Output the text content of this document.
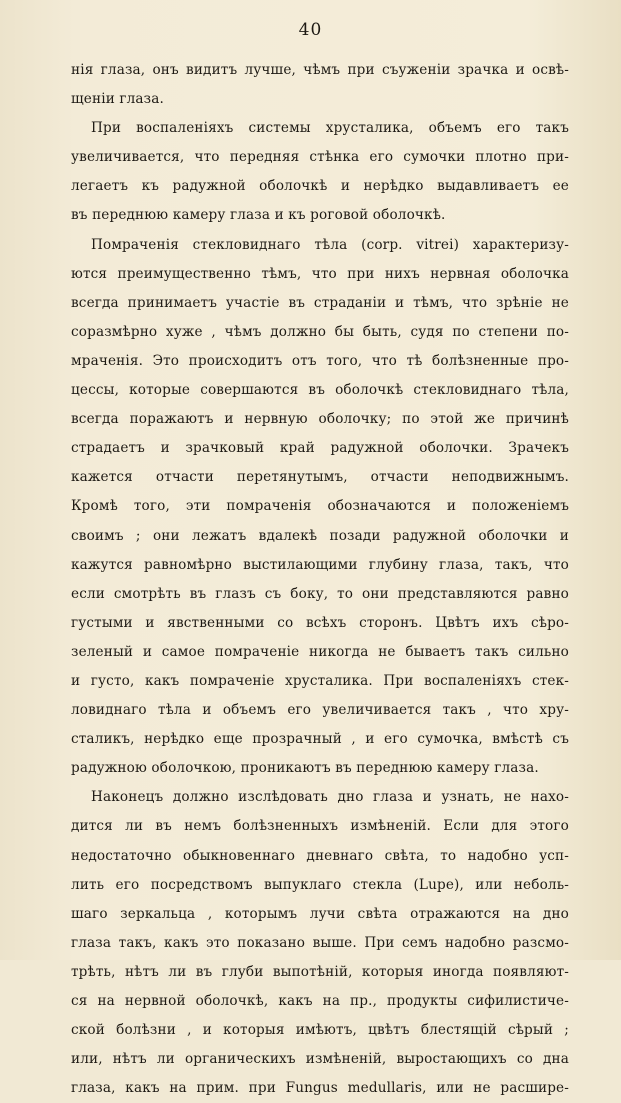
40
нія глаза, онъ видитъ лучше, чѣмъ при съуженіи зрачка и освѣ-
щеніи глаза.
При воспаленіяхъ системы хрусталика, объемъ его такъ
увеличивается, что передняя стѣнка его сумочки плотно при-
легаетъ къ радужной оболочкѣ и нерѣдко выдавливаетъ ее
въ переднюю камеру глаза и къ роговой оболочкѣ.
Помраченія стекловиднаго тѣла (corp. vitrei) характеризу-
ются преимущественно тѣмъ, что при нихъ нервная оболочка
всегда принимаетъ участіе въ страданіи и тѣмъ, что зрѣніе не
соразмѣрно хуже , чѣмъ должно бы быть, судя по степени по-
мраченія. Это происходитъ отъ того, что тѣ болѣзненные про-
цессы, которые совершаются въ оболочкѣ стекловиднаго тѣла,
всегда поражаютъ и нервную оболочку; по этой же причинѣ
страдаетъ и зрачковый край радужной оболочки. Зрачекъ
кажется отчасти перетянутымъ, отчасти неподвижнымъ.
Кромѣ того, эти помраченія обозначаются и положеніемъ
своимъ ; они лежатъ вдалекѣ позади радужной оболочки и
кажутся равномѣрно выстилающими глубину глаза, такъ, что
если смотрѣть въ глазъ съ боку, то они представляются равно
густыми и явственными со всѣхъ сторонъ. Цвѣтъ ихъ сѣро-
зеленый и самое помраченіе никогда не бываетъ такъ сильно
и густо, какъ помраченіе хрусталика. При воспаленіяхъ стек-
ловиднаго тѣла и объемъ его увеличивается такъ , что хру-
сталикъ, нерѣдко еще прозрачный , и его сумочка, вмѣстѣ съ
радужною оболочкою, проникаютъ въ переднюю камеру глаза.
Наконецъ должно изслѣдовать дно глаза и узнать, не нахо-
дится ли въ немъ болѣзненныхъ измѣненій. Если для этого
недостаточно обыкновеннаго дневнаго свѣта, то надобно усп-
лить его посредствомъ выпуклаго стекла (Lupe), или неболь-
шаго зеркальца , которымъ лучи свѣта отражаются на дно
глаза такъ, какъ это показано выше. При семъ надобно разсмо-
трѣть, нѣтъ ли въ глуби выпотѣній, которыя иногда появляют-
ся на нервной оболочкѣ, какъ на пр., продукты сифилистиче-
ской болѣзни , и которыя имѣютъ, цвѣтъ блестящій сѣрый ;
или, нѣтъ ли органическихъ измѣненій, выростающихъ со дна
глаза, какъ на прим. при Fungus medullaris, или не расшире-
